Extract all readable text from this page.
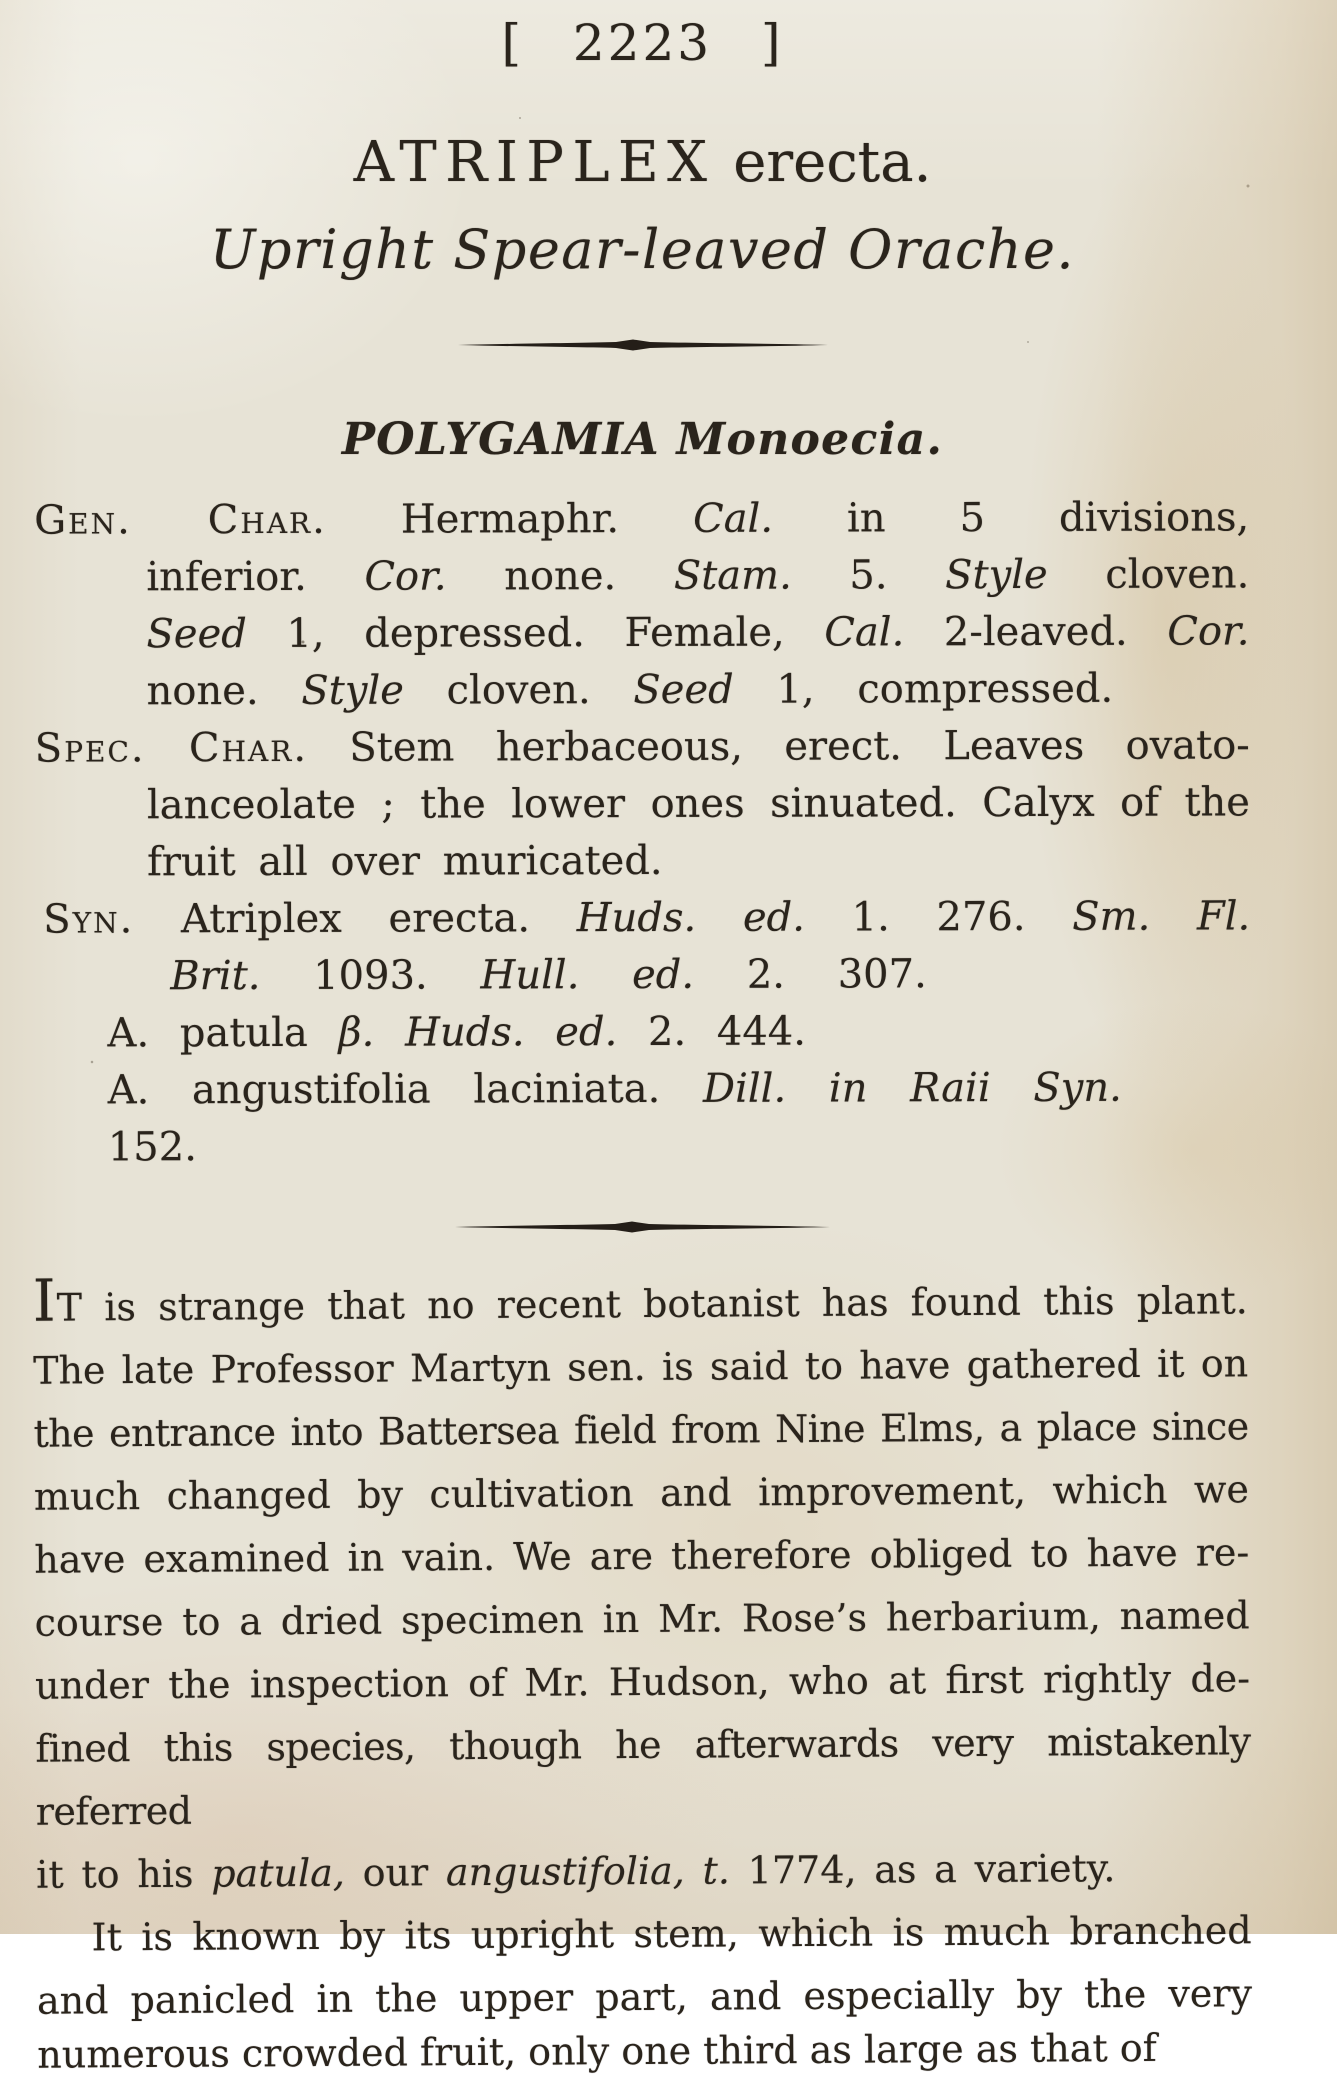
[ 2223 ]
ATRIPLEX erecta.
Upright Spear-leaved Orache.
POLYGAMIA Monoecia.
Gen. Char. Hermaphr. Cal. in 5 divisions,
inferior. Cor. none. Stam. 5. Style cloven.
Seed 1, depressed. Female, Cal. 2-leaved. Cor.
none. Style cloven. Seed 1, compressed.
Spec. Char. Stem herbaceous, erect. Leaves ovato-
lanceolate ; the lower ones sinuated. Calyx of the
fruit all over muricated.
Syn. Atriplex erecta. Huds. ed. 1. 276. Sm. Fl.
Brit. 1093. Hull. ed. 2. 307.
A. patula β. Huds. ed. 2. 444.
A. angustifolia laciniata. Dill. in Raii Syn. 152.
IT is strange that no recent botanist has found this plant.
The late Professor Martyn sen. is said to have gathered it on
the entrance into Battersea field from Nine Elms, a place since
much changed by cultivation and improvement, which we
have examined in vain. We are therefore obliged to have re-
course to a dried specimen in Mr. Rose’s herbarium, named
under the inspection of Mr. Hudson, who at first rightly de-
fined this species, though he afterwards very mistakenly referred
it to his patula, our angustifolia, t. 1774, as a variety.
It is known by its upright stem, which is much branched
and panicled in the upper part, and especially by the very
numerous crowded fruit, only one third as large as that of
